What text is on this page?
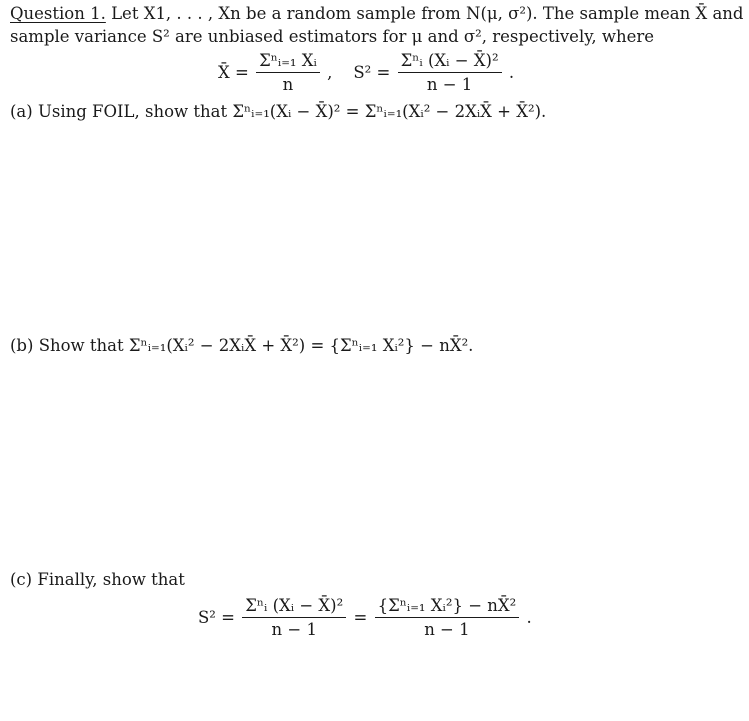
Question 1. Let X1, . . . , Xn be a random sample from N(μ, σ²). The sample mean X̄ and
sample variance S² are unbiased estimators for μ and σ², respectively, where
X̄ = $\frac{\text{Σⁿᵢ₌₁ Xᵢ}}{n}$ , $S^2 = \frac{\text{Σⁿᵢ (Xᵢ − X̄)²}}{n - 1}$ .
(a) Using FOIL, show that Σⁿᵢ₌₁(Xᵢ − X̄)² = Σⁿᵢ₌₁(Xᵢ² − 2XᵢX̄ + X̄²).
(b) Show that Σⁿᵢ₌₁(Xᵢ² − 2XᵢX̄ + X̄²) = {Σⁿᵢ₌₁ Xᵢ²} − nX̄².
(c) Finally, show that
$S^2 = \frac{\text{Σⁿᵢ (Xᵢ − X̄)²}}{n - 1} = \frac{\text{\{Σⁿᵢ₌₁ Xᵢ²\} − nX̄²}}{n - 1}$ .
